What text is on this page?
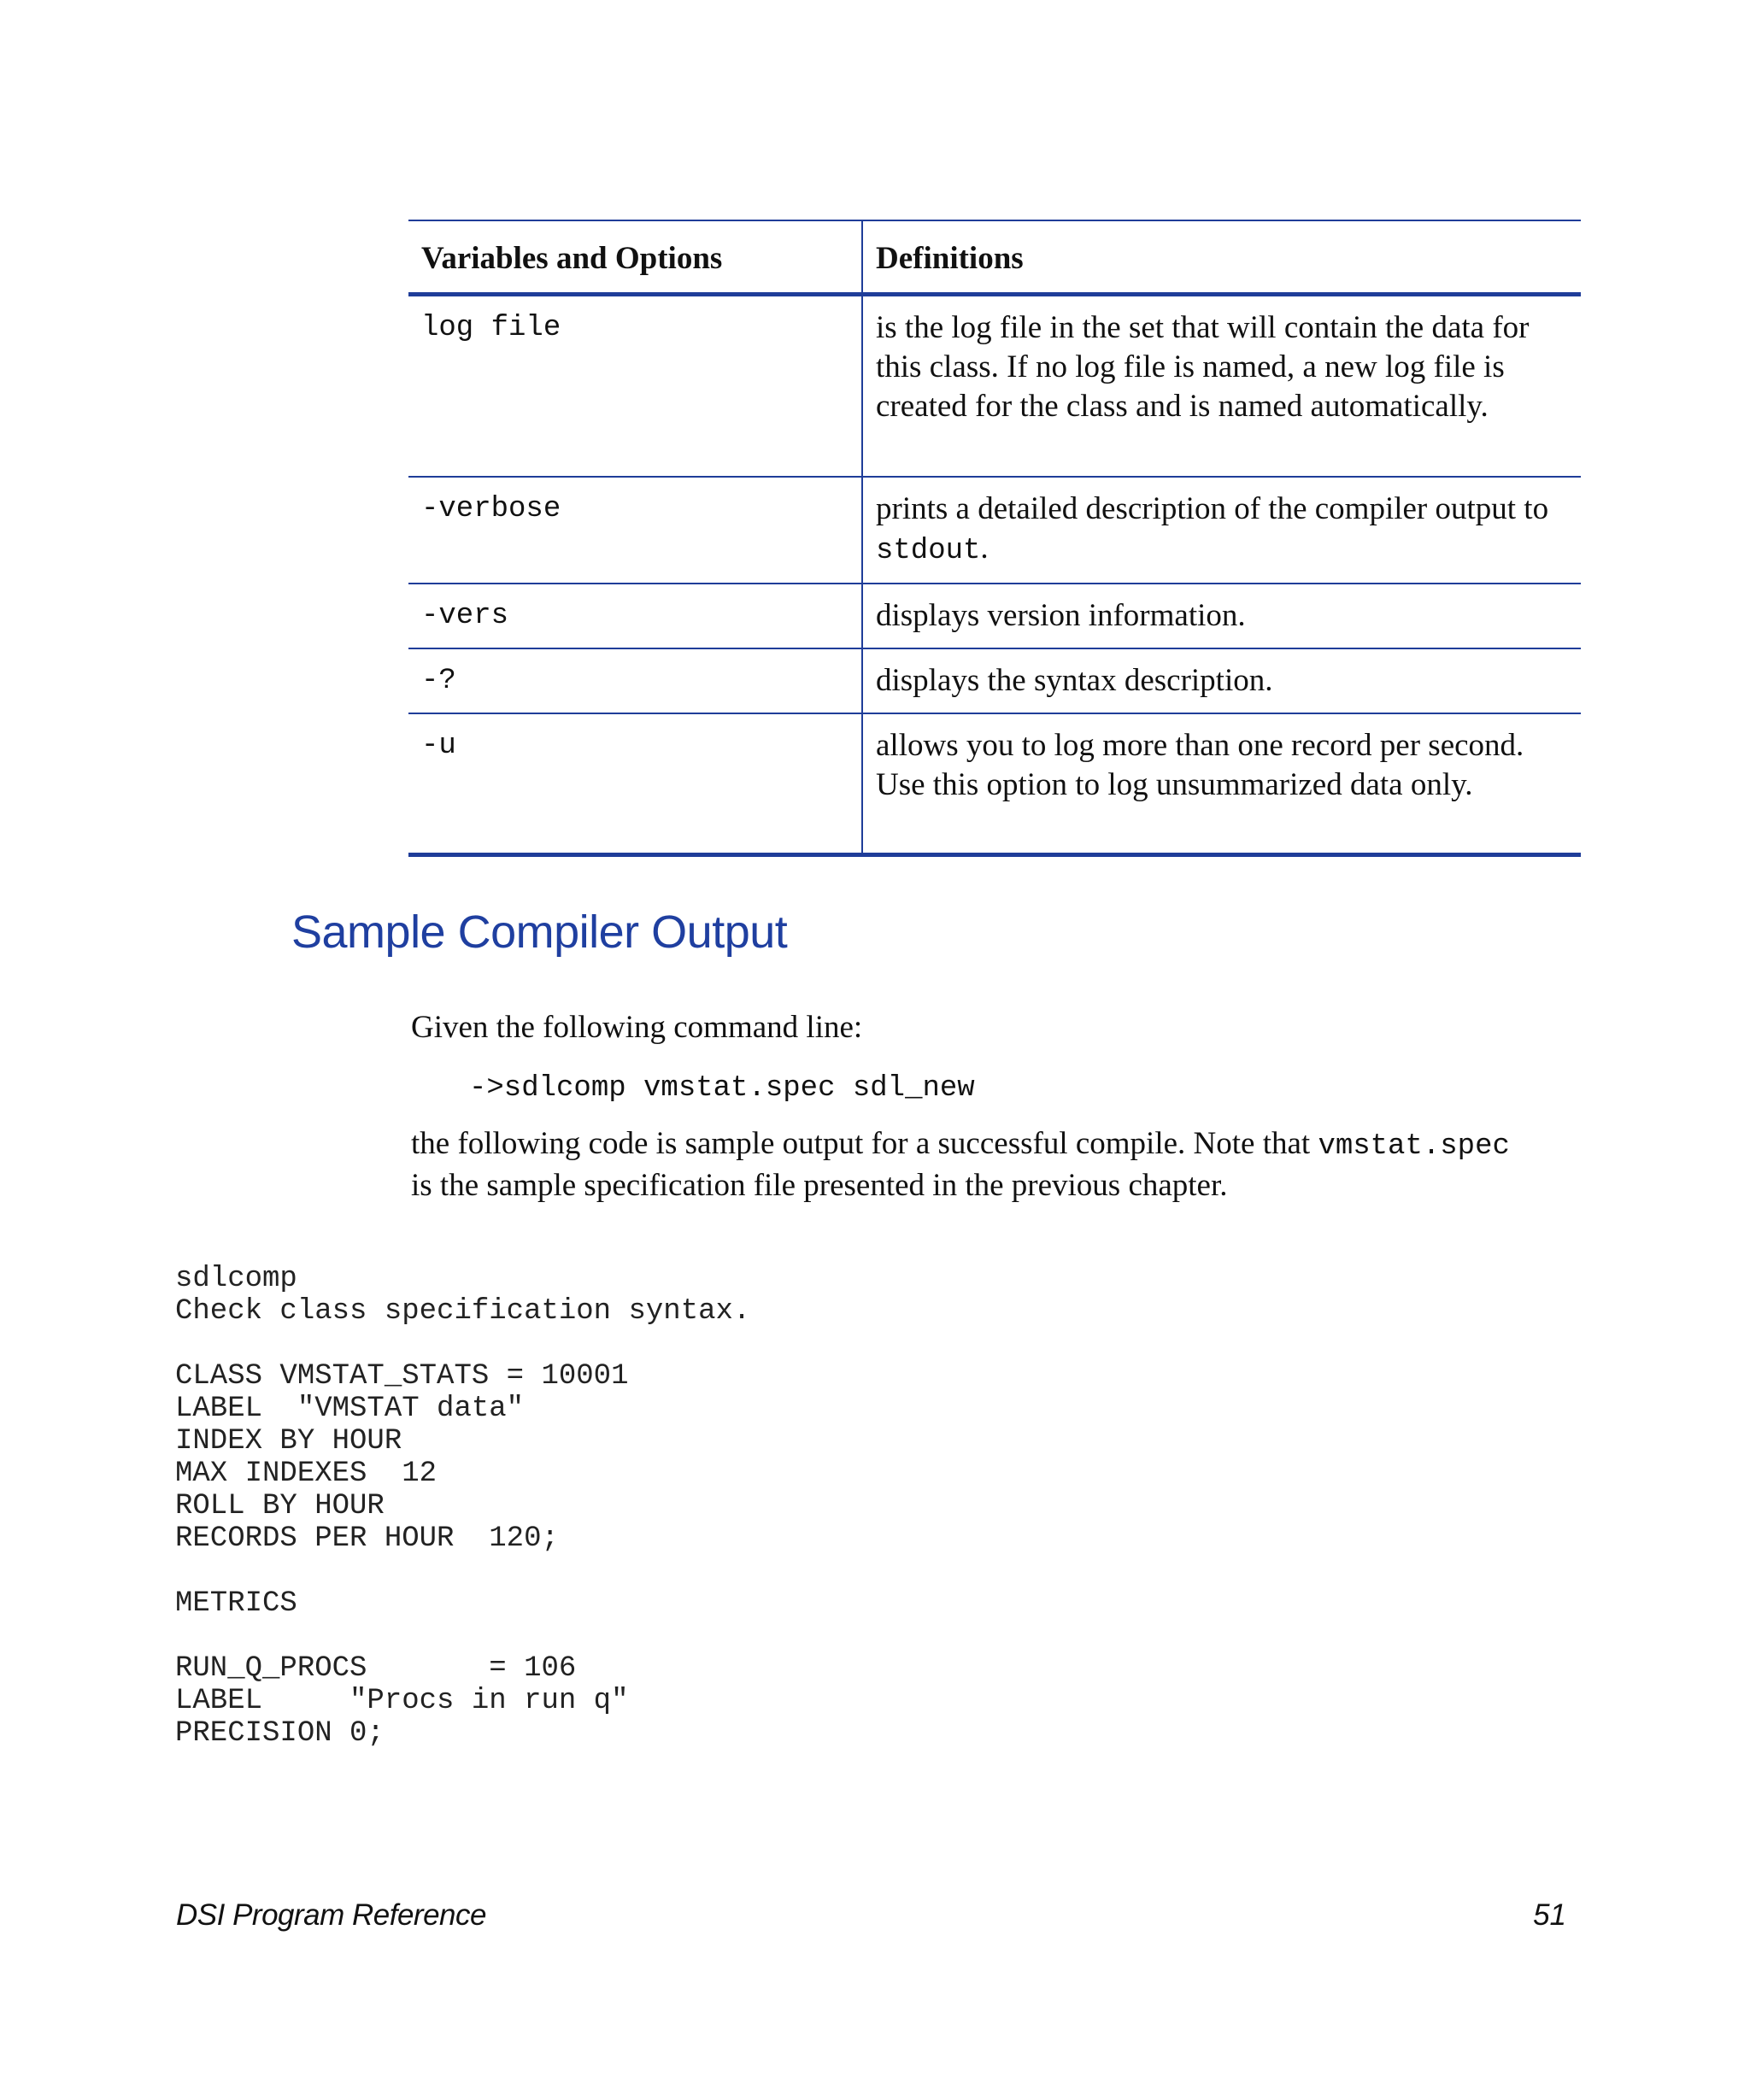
Variables and Options	Definitions
log file	is the log file in the set that will contain the data for this class. If no log file is named, a new log file is created for the class and is named automatically.
-verbose	prints a detailed description of the compiler output to stdout.
-vers	displays version information.
-?	displays the syntax description.
-u	allows you to log more than one record per second. Use this option to log unsummarized data only.
Sample Compiler Output

Given the following command line:

->sdlcomp vmstat.spec sdl_new

the following code is sample output for a successful compile. Note that vmstat.spec is the sample specification file presented in the previous chapter.

sdlcomp
Check class specification syntax.

CLASS VMSTAT_STATS = 10001
LABEL  "VMSTAT data"
INDEX BY HOUR
MAX INDEXES  12
ROLL BY HOUR
RECORDS PER HOUR  120;

METRICS

RUN_Q_PROCS       = 106
LABEL     "Procs in run q"
PRECISION 0;
DSI Program Reference	51
